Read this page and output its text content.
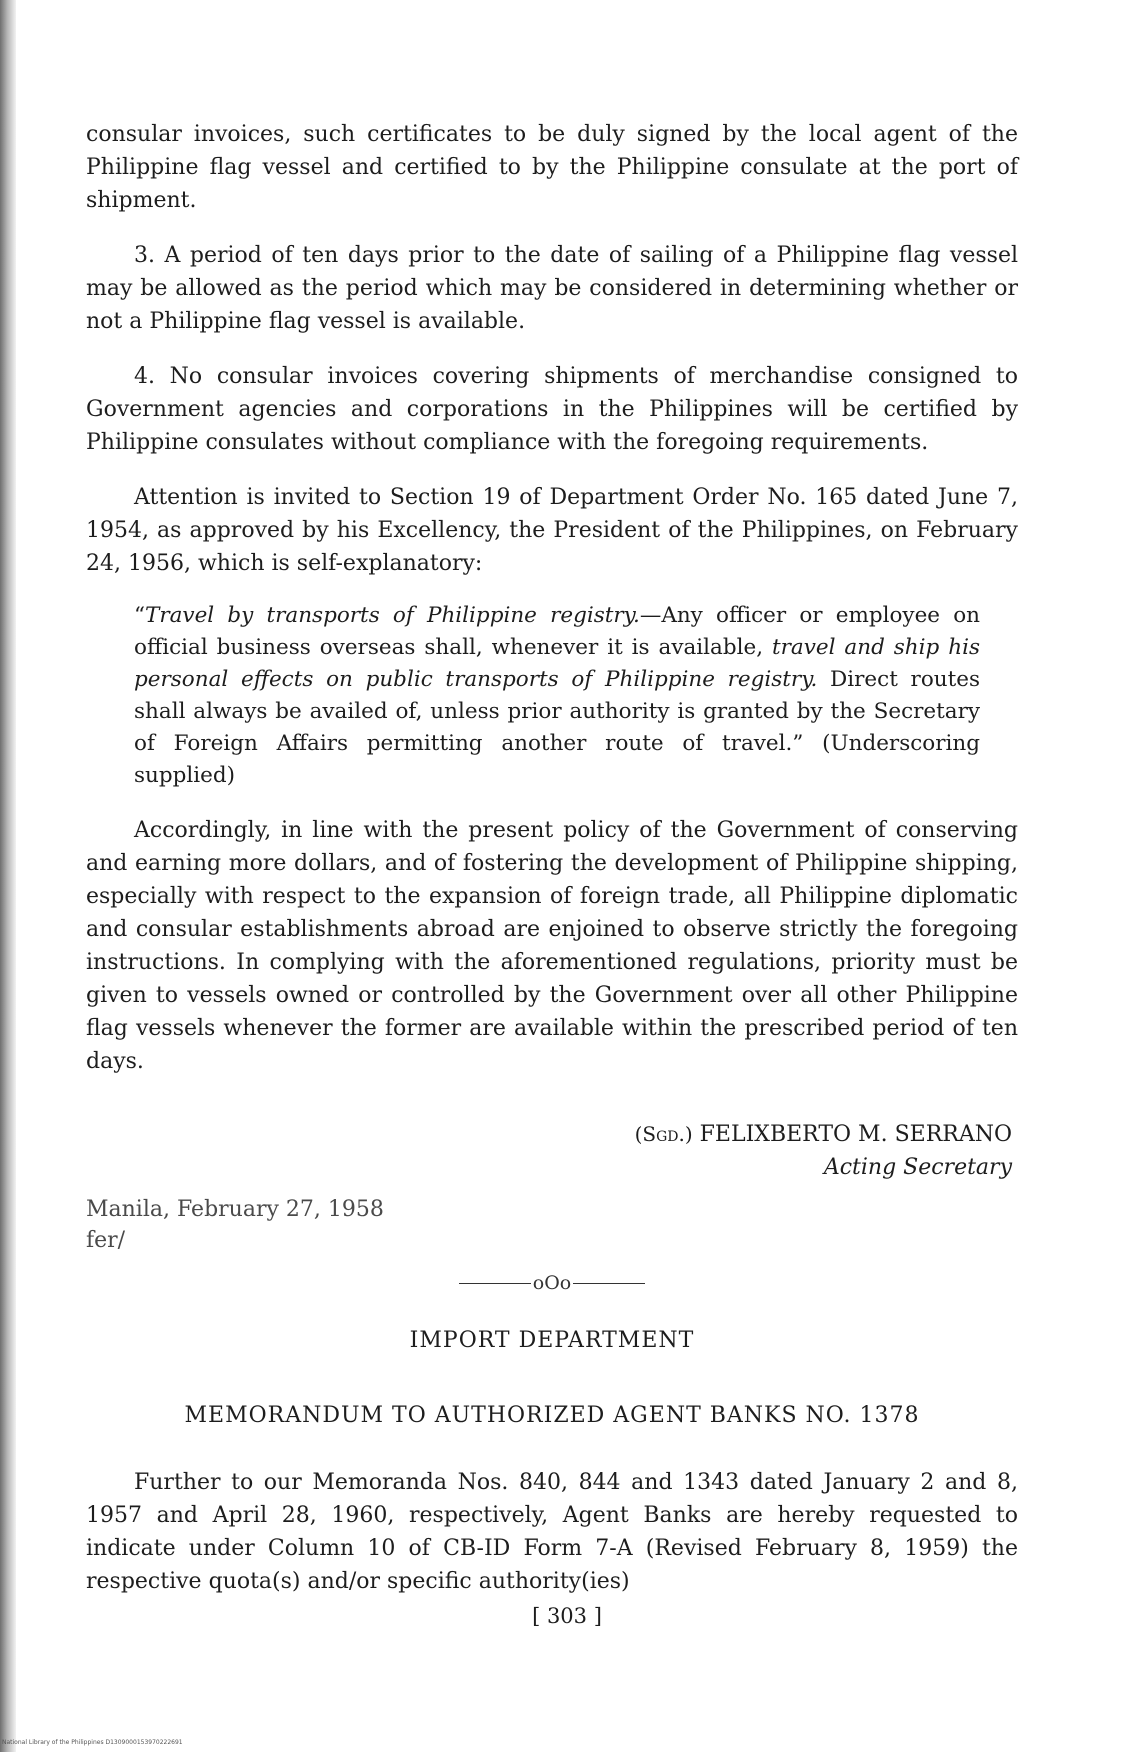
consular invoices, such certificates to be duly signed by the local agent of the Philippine flag vessel and certified to by the Philippine consulate at the port of shipment.

3. A period of ten days prior to the date of sailing of a Philippine flag vessel may be allowed as the period which may be considered in determining whether or not a Philippine flag vessel is available.

4. No consular invoices covering shipments of merchandise consigned to Government agencies and corporations in the Philippines will be certified by Philippine consulates without compliance with the foregoing requirements.

Attention is invited to Section 19 of Department Order No. 165 dated June 7, 1954, as approved by his Excellency, the President of the Philippines, on February 24, 1956, which is self-explanatory:

“Travel by transports of Philippine registry.—Any officer or employee on official business overseas shall, whenever it is available, travel and ship his personal effects on public transports of Philippine registry. Direct routes shall always be availed of, unless prior authority is granted by the Secretary of Foreign Affairs permitting another route of travel.” (Underscoring supplied)

Accordingly, in line with the present policy of the Government of conserving and earning more dollars, and of fostering the development of Philippine shipping, especially with respect to the expansion of foreign trade, all Philippine diplomatic and consular establishments abroad are enjoined to observe strictly the foregoing instructions. In complying with the aforementioned regulations, priority must be given to vessels owned or controlled by the Government over all other Philippine flag vessels whenever the former are available within the prescribed period of ten days.

(Sgd.) FELIXBERTO M. SERRANO
Acting Secretary
Manila, February 27, 1958
fer/
oOo
IMPORT DEPARTMENT
MEMORANDUM TO AUTHORIZED AGENT BANKS NO. 1378

Further to our Memoranda Nos. 840, 844 and 1343 dated January 2 and 8, 1957 and April 28, 1960, respectively, Agent Banks are hereby requested to indicate under Column 10 of CB-ID Form 7-A (Revised February 8, 1959) the respective quota(s) and/or specific authority(ies)

[ 303 ]
National Library of the Philippines D1309000153970222691
